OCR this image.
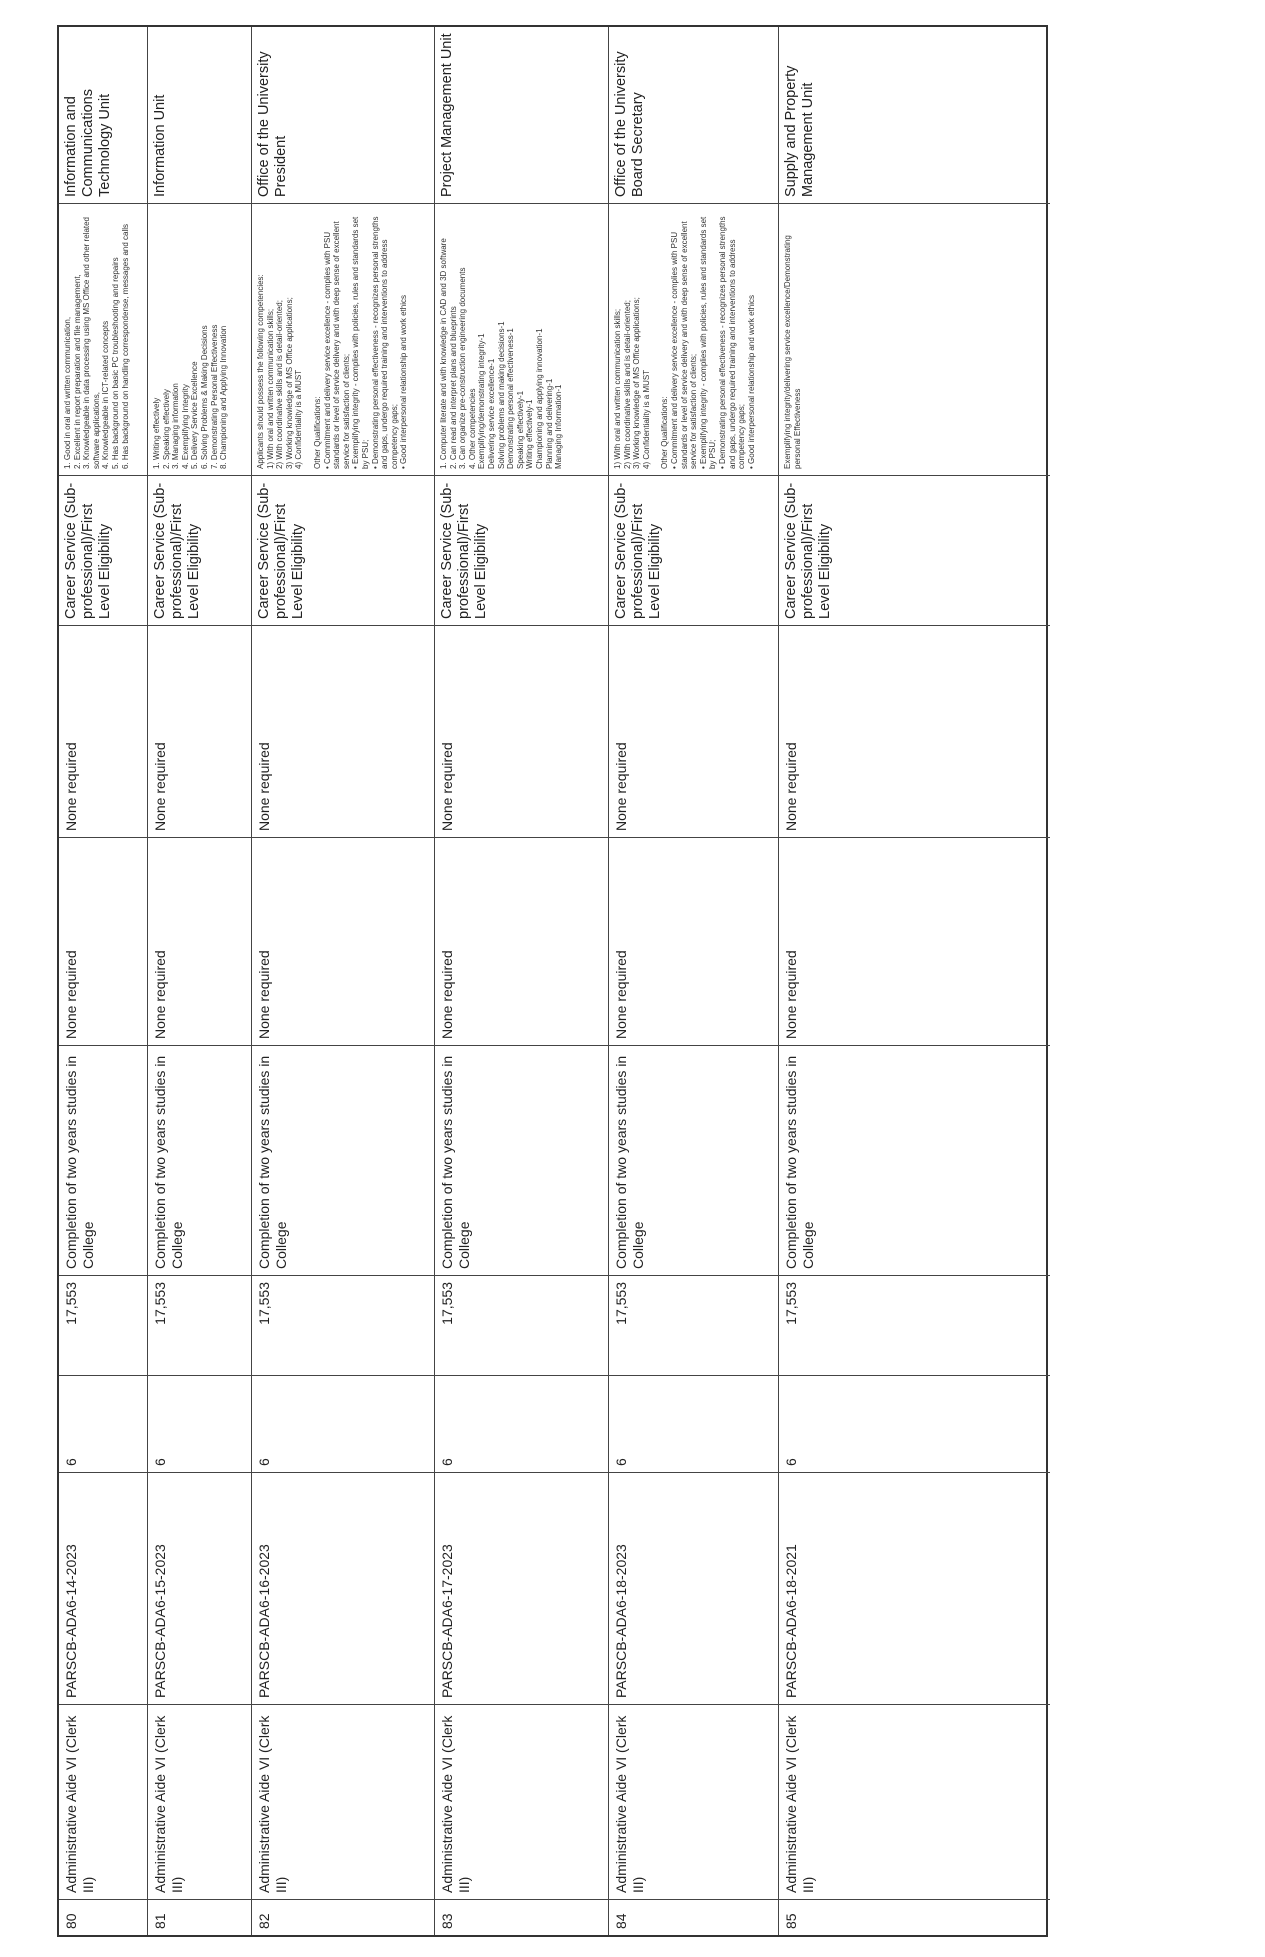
80
Administrative Aide VI (Clerk III)
PARSCB-ADA6-14-2023
6
17,553
Completion of two years studies in College
None required
None required
Career Service (Sub-professional)/First Level Eligibility
1. Good in oral and written communication, 2. Excellent in report preparation and file management, 3. Knowledgeable in data processing using MS Office and other related software applications, 4. Knowledgeable in ICT-related concepts 5. Has background on basic PC troubleshooting and repairs 6. Has background on handling correspondense, messages and calls
Information and Communications Technology Unit
81
Administrative Aide VI (Clerk III)
PARSCB-ADA6-15-2023
6
17,553
Completion of two years studies in College
None required
None required
Career Service (Sub-professional)/First Level Eligibility
1. Writing effectively 2. Speaking effectively 3. Managing information 4. Exemplifying Integrity 5. Delivery Service Excellence 6. Solving Problems & Making Decisions 7. Demonstrating Personal Effectiveness 8. Championing and Applying Innovation
Information Unit
82
Administrative Aide VI (Clerk III)
PARSCB-ADA6-16-2023
6
17,553
Completion of two years studies in College
None required
None required
Career Service (Sub-professional)/First Level Eligibility
Applicants should possess the following competencies: 1) With oral and written communication skills; 2) With coordinative skills and is detail-oriented; 3) Working knowledge of MS Office applications; 4) Confidentiality is a MUST Other Qualifications: • Commitment and delivery service excellence - complies with PSU standards or level of service delivery and with deep sense of excellent service for satisfaction of clients; • Exemplifying integrity - complies with policies, rules and standards set by PSU; • Demonstrating personal effectiveness - recognizes personal strengths and gaps, undergo required training and interventions to address competency gaps; • Good interpersonal relationship and work ethics
Office of the University President
83
Administrative Aide VI (Clerk III)
PARSCB-ADA6-17-2023
6
17,553
Completion of two years studies in College
None required
None required
Career Service (Sub-professional)/First Level Eligibility
1. Computer literate and with knowledge in CAD and 3D software 2. Can read and interpret plans and blueprints 3. Can organize pre-construction engineering documents 4. Other competencies Exemplifying/demonstrating integrity-1 Delivering service excellence-1 Solving problems and making decisions-1 Demonstrating personal effectiveness-1 Speaking effectively-1 Writing effectively-1 Championing and applying innovation-1 Planning and delivering-1 Managing Information-1
Project Management Unit
84
Administrative Aide VI (Clerk III)
PARSCB-ADA6-18-2023
6
17,553
Completion of two years studies in College
None required
None required
Career Service (Sub-professional)/First Level Eligibility
1) With oral and written communication skills; 2) With coordinative skills and is detail-oriented; 3) Working knowledge of MS Office applications; 4) Confidentiality is a MUST Other Qualifications: • Commitment and delivery service excellence - complies with PSU standards or level of service delivery and with deep sense of excellent service for satisfaction of clients; • Exemplifying integrity - complies with policies, rules and standards set by PSU; • Demonstrating personal effectiveness - recognizes personal strengths and gaps, undergo required training and interventions to address competency gaps; • Good interpersonal relationship and work ethics
Office of the University Board Secretary
85
Administrative Aide VI (Clerk III)
PARSCB-ADA6-18-2021
6
17,553
Completion of two years studies in College
None required
None required
Career Service (Sub-professional)/First Level Eligibility
Exemplifying integrity/delivering service excellence/Demonstrating personal Effectiveness
Supply and Property Management Unit
